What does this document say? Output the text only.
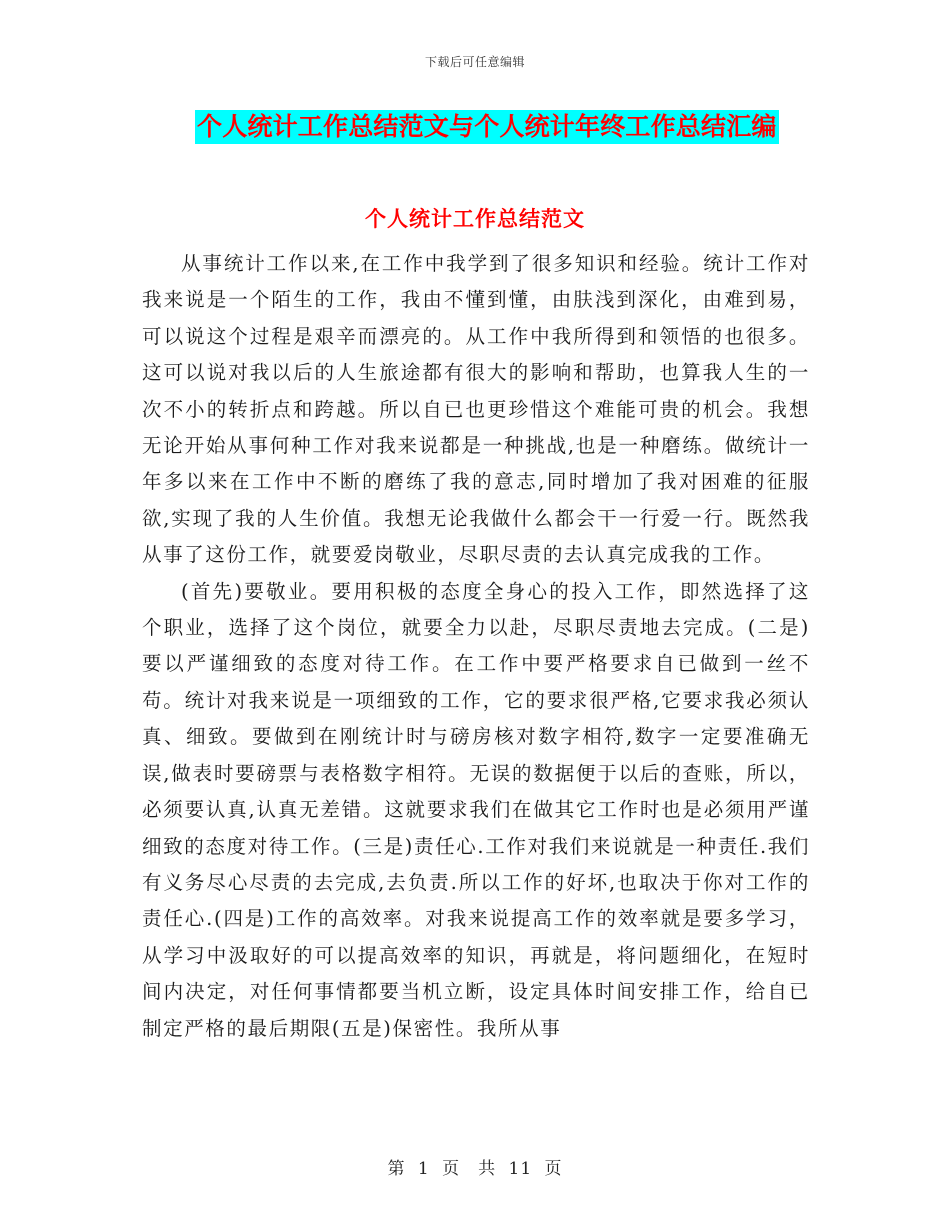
下载后可任意编辑
个人统计工作总结范文与个人统计年终工作总结汇编
个人统计工作总结范文

从事统计工作以来,在工作中我学到了很多知识和经验。统计工作对我来说是一个陌生的工作，我由不懂到懂，由肤浅到深化，由难到易，可以说这个过程是艰辛而漂亮的。从工作中我所得到和领悟的也很多。这可以说对我以后的人生旅途都有很大的影响和帮助，也算我人生的一次不小的转折点和跨越。所以自已也更珍惜这个难能可贵的机会。我想无论开始从事何种工作对我来说都是一种挑战,也是一种磨练。做统计一年多以来在工作中不断的磨练了我的意志,同时增加了我对困难的征服欲,实现了我的人生价值。我想无论我做什么都会干一行爱一行。既然我从事了这份工作，就要爱岗敬业，尽职尽责的去认真完成我的工作。

(首先)要敬业。要用积极的态度全身心的投入工作，即然选择了这个职业，选择了这个岗位，就要全力以赴，尽职尽责地去完成。(二是)要以严谨细致的态度对待工作。在工作中要严格要求自已做到一丝不苟。统计对我来说是一项细致的工作，它的要求很严格,它要求我必须认真、细致。要做到在刚统计时与磅房核对数字相符,数字一定要准确无误,做表时要磅票与表格数字相符。无误的数据便于以后的查账，所以，必须要认真,认真无差错。这就要求我们在做其它工作时也是必须用严谨细致的态度对待工作。(三是)责任心.工作对我们来说就是一种责任.我们有义务尽心尽责的去完成,去负责.所以工作的好坏,也取决于你对工作的责任心.(四是)工作的高效率。对我来说提高工作的效率就是要多学习，从学习中汲取好的可以提高效率的知识，再就是，将问题细化，在短时间内决定，对任何事情都要当机立断，设定具体时间安排工作，给自已制定严格的最后期限(五是)保密性。我所从事

第 1 页　共 11 页
